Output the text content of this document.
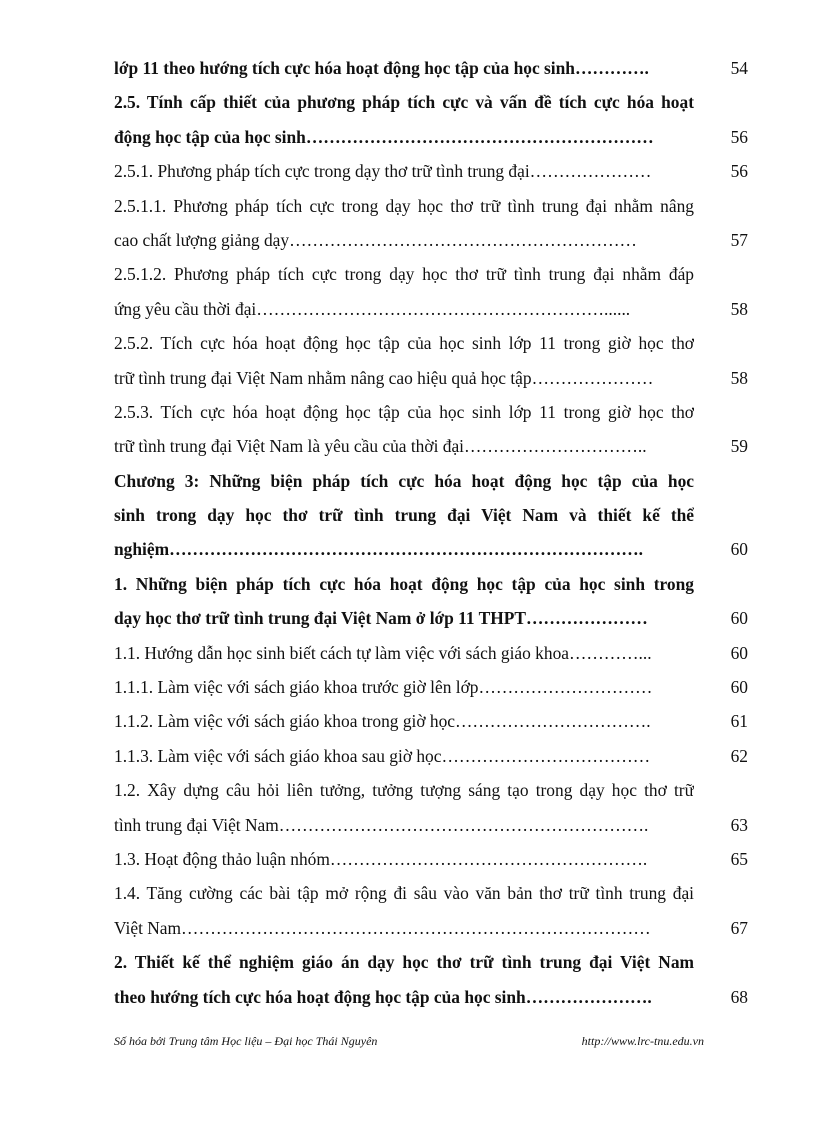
lớp 11 theo hướng tích cực hóa hoạt động học tập của học sinh………….	54
2.5. Tính cấp thiết của phương pháp tích cực và vấn đề tích cực hóa hoạt
động học tập của học sinh……………………………………………………	56
2.5.1. Phương pháp tích cực trong dạy thơ trữ tình trung đại…………………	56
2.5.1.1. Phương pháp tích cực trong dạy học thơ trữ tình trung đại nhằm nâng
cao chất lượng giảng dạy……………………………………………………	57
2.5.1.2. Phương pháp tích cực trong dạy học thơ trữ tình trung đại nhằm đáp
ứng yêu cầu thời đại……………………………………………………......	58
2.5.2. Tích cực hóa hoạt động học tập của học sinh lớp 11 trong giờ học thơ
trữ tình trung đại Việt Nam nhằm nâng cao hiệu quả học tập…………………	58
2.5.3. Tích cực hóa hoạt động học tập của học sinh lớp 11 trong giờ học thơ
trữ tình trung đại Việt Nam là yêu cầu của thời đại…………………………..	59
Chương 3: Những biện pháp tích cực hóa hoạt động học tập của học
sinh trong dạy học thơ trữ tình trung đại Việt Nam và thiết kế thể
nghiệm……………………………………………………………………….	60
1. Những biện pháp tích cực hóa hoạt động học tập của học sinh trong
dạy học thơ trữ tình trung đại Việt Nam ở lớp 11 THPT…………………	60
1.1. Hướng dẫn học sinh biết cách tự làm việc với sách giáo khoa…………...	60
1.1.1. Làm việc với sách giáo khoa trước giờ lên lớp…………………………	60
1.1.2. Làm việc với sách giáo khoa trong giờ học…………………………….	61
1.1.3. Làm việc với sách giáo khoa sau giờ học………………………………	62
1.2. Xây dựng câu hỏi liên tưởng, tưởng tượng sáng tạo trong dạy học thơ trữ
tình trung đại Việt Nam……………………………………………………….	63
1.3. Hoạt động thảo luận nhóm……………………………………………….	65
1.4. Tăng cường các bài tập mở rộng đi sâu vào văn bản thơ trữ tình trung đại
Việt Nam………………………………………………………………………	67
2. Thiết kế thể nghiệm giáo án dạy học thơ trữ tình trung đại Việt Nam
theo hướng tích cực hóa hoạt động học tập của học sinh………………….	68
Số hóa bởi Trung tâm Học liệu – Đại học Thái Nguyên	http://www.lrc-tnu.edu.vn
